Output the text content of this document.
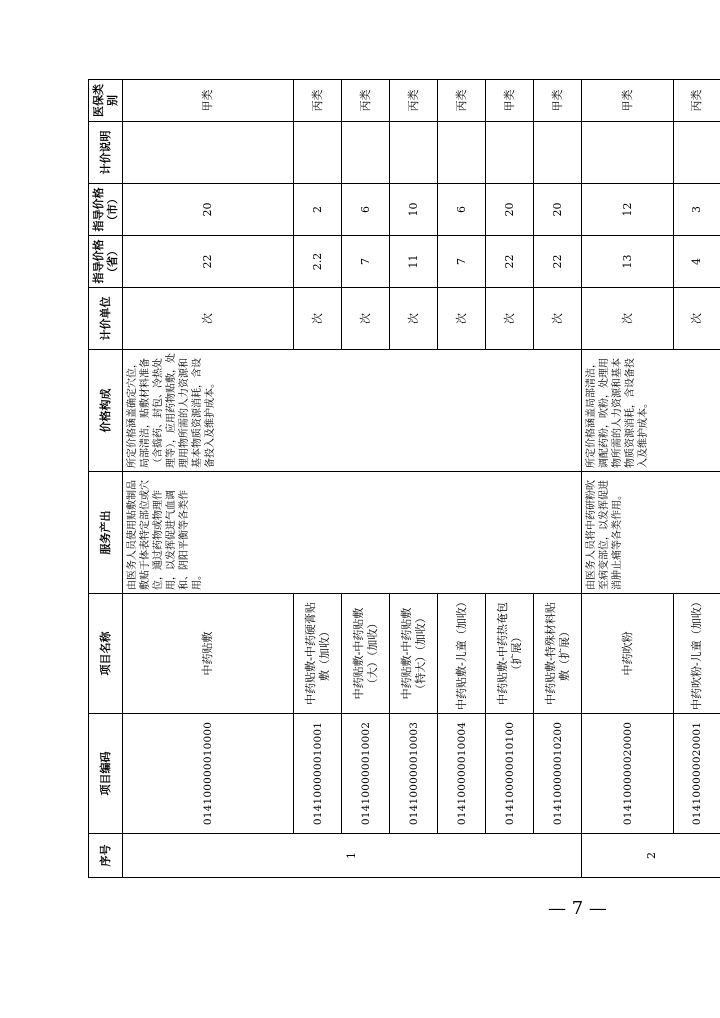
序号	项目编码	项目名称	服务产出	价格构成	计价单位	指导价格（省）	指导价格（市）	计价说明	医保类别
1	014100000010000	中药贴敷	由医务人员使用贴敷制品敷贴于体表特定部位或穴位，通过药物或物理作用，以发挥促进气血调和、阴阳平衡等各类作用。	所定价格涵盖确定穴位，局部清洁，贴敷材料准备（含捣药、封包、冷热处理等），应用药物贴敷，处理用物所需的人力资源和基本物质资源消耗，含设备投入及维护成本。	次	22	20		甲类
	014100000010001	中药贴敷-中药硬膏贴敷（加收）			次	2.2	2		丙类
	014100000010002	中药贴敷-中药贴敷（大）（加收）			次	7	6		丙类
	014100000010003	中药贴敷-中药贴敷（特大）（加收）			次	11	10		丙类
	014100000010004	中药贴敷-儿童（加收）			次	7	6		丙类
	014100000010100	中药贴敷-中药热奄包（扩展）			次	22	20		甲类
	014100000010200	中药贴敷-特殊材料贴敷（扩展）			次	22	20		甲类
2	014100000020000	中药吹粉	由医务人员将中药研粉吹至病变部位，以发挥促进消肿止痛等各类作用。	所定价格涵盖局部清洁，调配药粉，吹粉，处理用物所需的人力资源和基本物质资源消耗，含设备投入及维护成本。	次	13	12		甲类
	014100000020001	中药吹粉-儿童（加收）			次	4	3		丙类
— 7 —
